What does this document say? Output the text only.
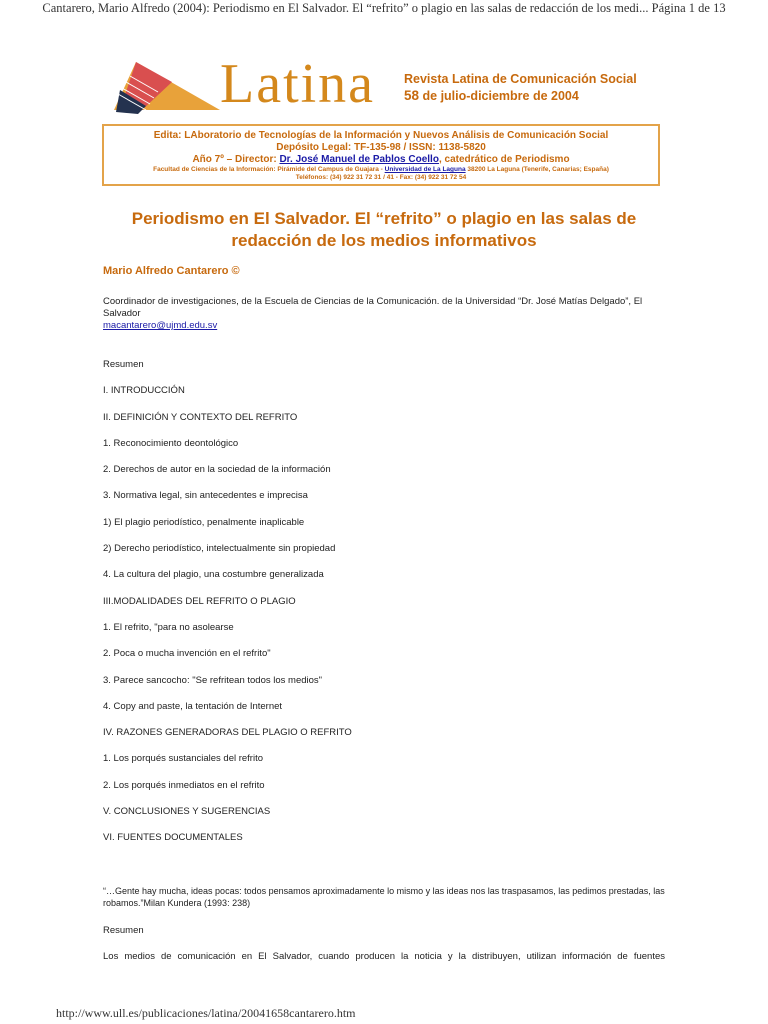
Cantarero, Mario Alfredo (2004): Periodismo en El Salvador. El “refrito” o plagio en las salas de redacción de los medi... Página 1 de 13
Latina Revista Latina de Comunicación Social
58 de julio-diciembre de 2004
Edita: LAboratorio de Tecnologías de la Información y Nuevos Análisis de Comunicación Social
Depósito Legal: TF-135-98 / ISSN: 1138-5820
Año 7º – Director: Dr. José Manuel de Pablos Coello, catedrático de Periodismo
Facultad de Ciencias de la Información: Pirámide del Campus de Guajara - Universidad de La Laguna 38200 La Laguna (Tenerife, Canarias; España)
Teléfonos: (34) 922 31 72 31 / 41 - Fax: (34) 922 31 72 54
Periodismo en El Salvador. El “refrito” o plagio en las salas de redacción de los medios informativos
Mario Alfredo Cantarero ©

Coordinador de investigaciones, de la Escuela de Ciencias de la Comunicación. de la Universidad “Dr. José Matías Delgado”, El Salvador

macantarero@ujmd.edu.sv
Resumen
I. INTRODUCCIÓN
II. DEFINICIÓN Y CONTEXTO DEL REFRITO
1. Reconocimiento deontológico
2. Derechos de autor en la sociedad de la información
3. Normativa legal, sin antecedentes e imprecisa
1) El plagio periodístico, penalmente inaplicable
2) Derecho periodístico, intelectualmente sin propiedad
4. La cultura del plagio, una costumbre generalizada
III.MODALIDADES DEL REFRITO O PLAGIO
1. El refrito, "para no asolearse
2. Poca o mucha invención en el refrito"
3. Parece sancocho: "Se refritean todos los medios"
4. Copy and paste, la tentación de Internet
IV. RAZONES GENERADORAS DEL PLAGIO O REFRITO
1. Los porqués sustanciales del refrito
2. Los porqués inmediatos en el refrito
V. CONCLUSIONES Y SUGERENCIAS
VI. FUENTES DOCUMENTALES
“…Gente hay mucha, ideas pocas: todos pensamos aproximadamente lo mismo y las ideas nos las traspasamos, las pedimos prestadas, las robamos.”Milan Kundera (1993: 238)
Resumen
Los medios de comunicación en El Salvador, cuando producen la noticia y la distribuyen, utilizan información de fuentes
http://www.ull.es/publicaciones/latina/20041658cantarero.htm
